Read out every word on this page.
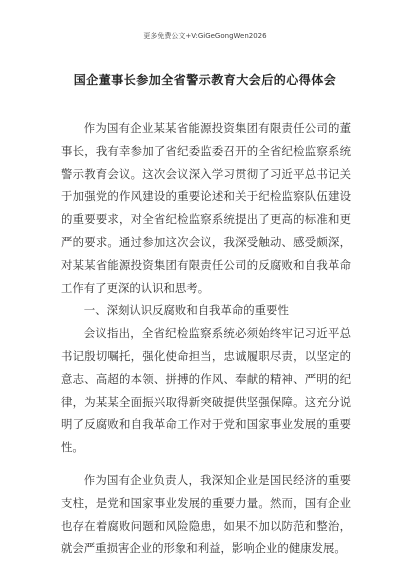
更多免费公文+V:GiGeGongWen2026
国企董事长参加全省警示教育大会后的心得体会

作为国有企业某某省能源投资集团有限责任公司的董事长，我有幸参加了省纪委监委召开的全省纪检监察系统警示教育会议。这次会议深入学习贯彻了习近平总书记关于加强党的作风建设的重要论述和关于纪检监察队伍建设的重要要求，对全省纪检监察系统提出了更高的标准和更严的要求。通过参加这次会议，我深受触动、感受颇深，对某某省能源投资集团有限责任公司的反腐败和自我革命工作有了更深的认识和思考。

一、深刻认识反腐败和自我革命的重要性

会议指出，全省纪检监察系统必须始终牢记习近平总书记殷切嘱托，强化使命担当，忠诚履职尽责，以坚定的意志、高超的本领、拼搏的作风、奉献的精神、严明的纪律，为某某全面振兴取得新突破提供坚强保障。这充分说明了反腐败和自我革命工作对于党和国家事业发展的重要性。

作为国有企业负责人，我深知企业是国民经济的重要支柱，是党和国家事业发展的重要力量。然而，国有企业也存在着腐败问题和风险隐患，如果不加以防范和整治，就会严重损害企业的形象和利益，影响企业的健康发展。
